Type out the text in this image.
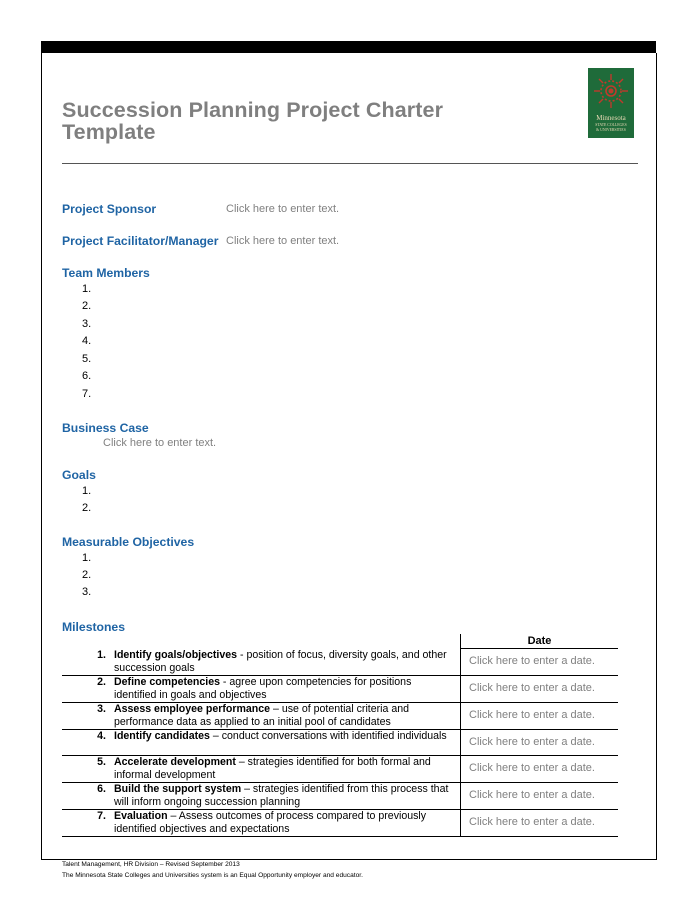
Succession Planning Project Charter
Template
Minnesota
STATE COLLEGES
& UNIVERSITIES
Project Sponsor	Click here to enter text.
Project Facilitator/Manager Click here to enter text.
Team Members
1.
2.
3.
4.
5.
6.
7.
Business Case
Click here to enter text.
Goals
1.
2.
Measurable Objectives
1.
2.
3.
Milestones
		Date
1.	Identify goals/objectives - position of focus, diversity goals, and other succession goals	Click here to enter a date.
2.	Define competencies - agree upon competencies for positions identified in goals and objectives	Click here to enter a date.
3.	Assess employee performance – use of potential criteria and performance data as applied to an initial pool of candidates	Click here to enter a date.
4.	Identify candidates – conduct conversations with identified individuals	Click here to enter a date.
5.	Accelerate development – strategies identified for both formal and informal development	Click here to enter a date.
6.	Build the support system – strategies identified from this process that will inform ongoing succession planning	Click here to enter a date.
7.	Evaluation – Assess outcomes of process compared to previously identified objectives and expectations	Click here to enter a date.
Talent Management, HR Division – Revised September 2013
The Minnesota State Colleges and Universities system is an Equal Opportunity employer and educator.
